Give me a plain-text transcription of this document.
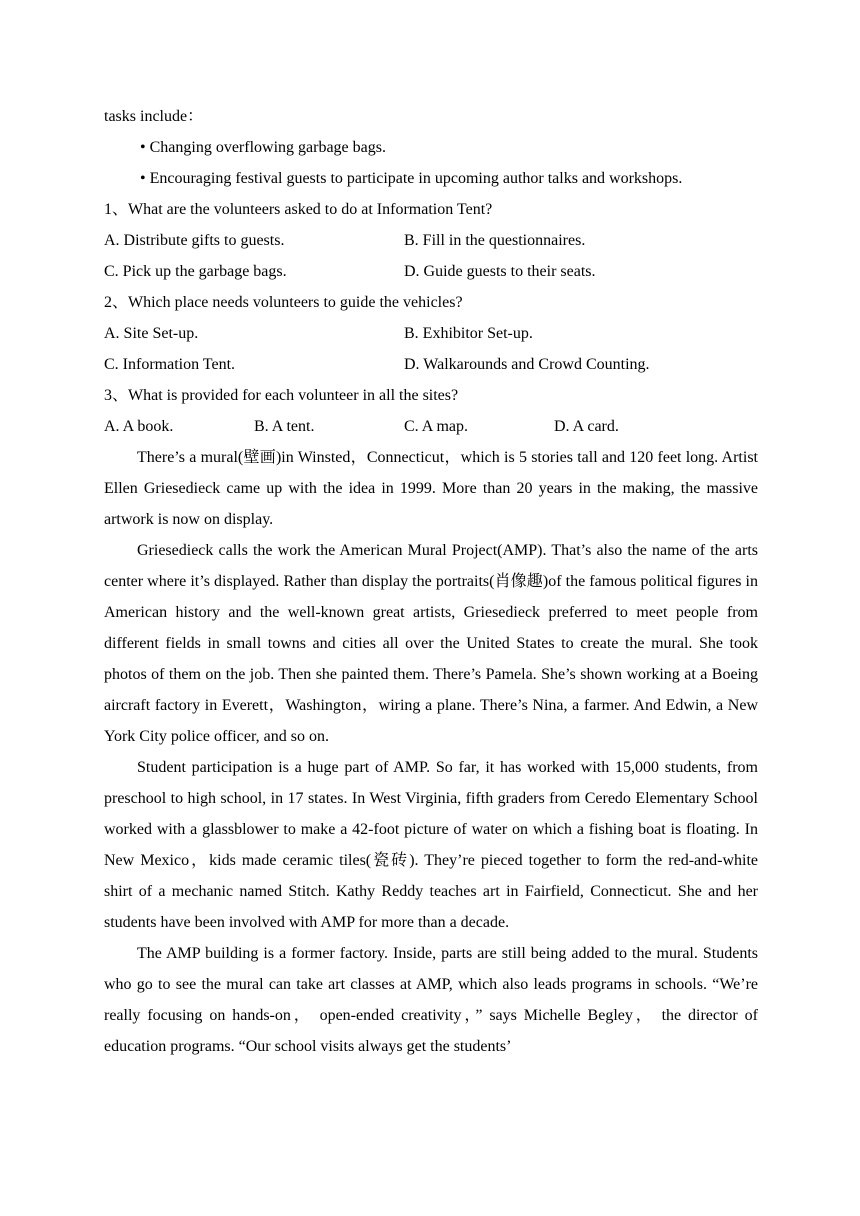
tasks include：

• Changing overflowing garbage bags.

• Encouraging festival guests to participate in upcoming author talks and workshops.

1、What are the volunteers asked to do at Information Tent?

A. Distribute gifts to guests.	B. Fill in the questionnaires.
C. Pick up the garbage bags.	D. Guide guests to their seats.

2、Which place needs volunteers to guide the vehicles?

A. Site Set-up.	B. Exhibitor Set-up.
C. Information Tent.	D. Walkarounds and Crowd Counting.

3、What is provided for each volunteer in all the sites?

A. A book.	B. A tent.	C. A map.	D. A card.

There’s a mural(壁画)in Winsted，Connecticut，which is 5 stories tall and 120 feet long. Artist Ellen Griesedieck came up with the idea in 1999. More than 20 years in the making, the massive artwork is now on display.

Griesedieck calls the work the American Mural Project(AMP). That’s also the name of the arts center where it’s displayed. Rather than display the portraits(肖像趣)of the famous political figures in American history and the well-known great artists, Griesedieck preferred to meet people from different fields in small towns and cities all over the United States to create the mural. She took photos of them on the job. Then she painted them. There’s Pamela. She’s shown working at a Boeing aircraft factory in Everett，Washington，wiring a plane. There’s Nina, a farmer. And Edwin, a New York City police officer, and so on.

Student participation is a huge part of AMP. So far, it has worked with 15,000 students, from preschool to high school, in 17 states. In West Virginia, fifth graders from Ceredo Elementary School worked with a glassblower to make a 42-foot picture of water on which a fishing boat is floating. In New Mexico，kids made ceramic tiles(瓷砖). They’re pieced together to form the red-and-white shirt of a mechanic named Stitch. Kathy Reddy teaches art in Fairfield, Connecticut. She and her students have been involved with AMP for more than a decade.

The AMP building is a former factory. Inside, parts are still being added to the mural. Students who go to see the mural can take art classes at AMP, which also leads programs in schools. “We’re really focusing on hands-on， open-ended creativity，” says Michelle Begley， the director of education programs. “Our school visits always get the students’
